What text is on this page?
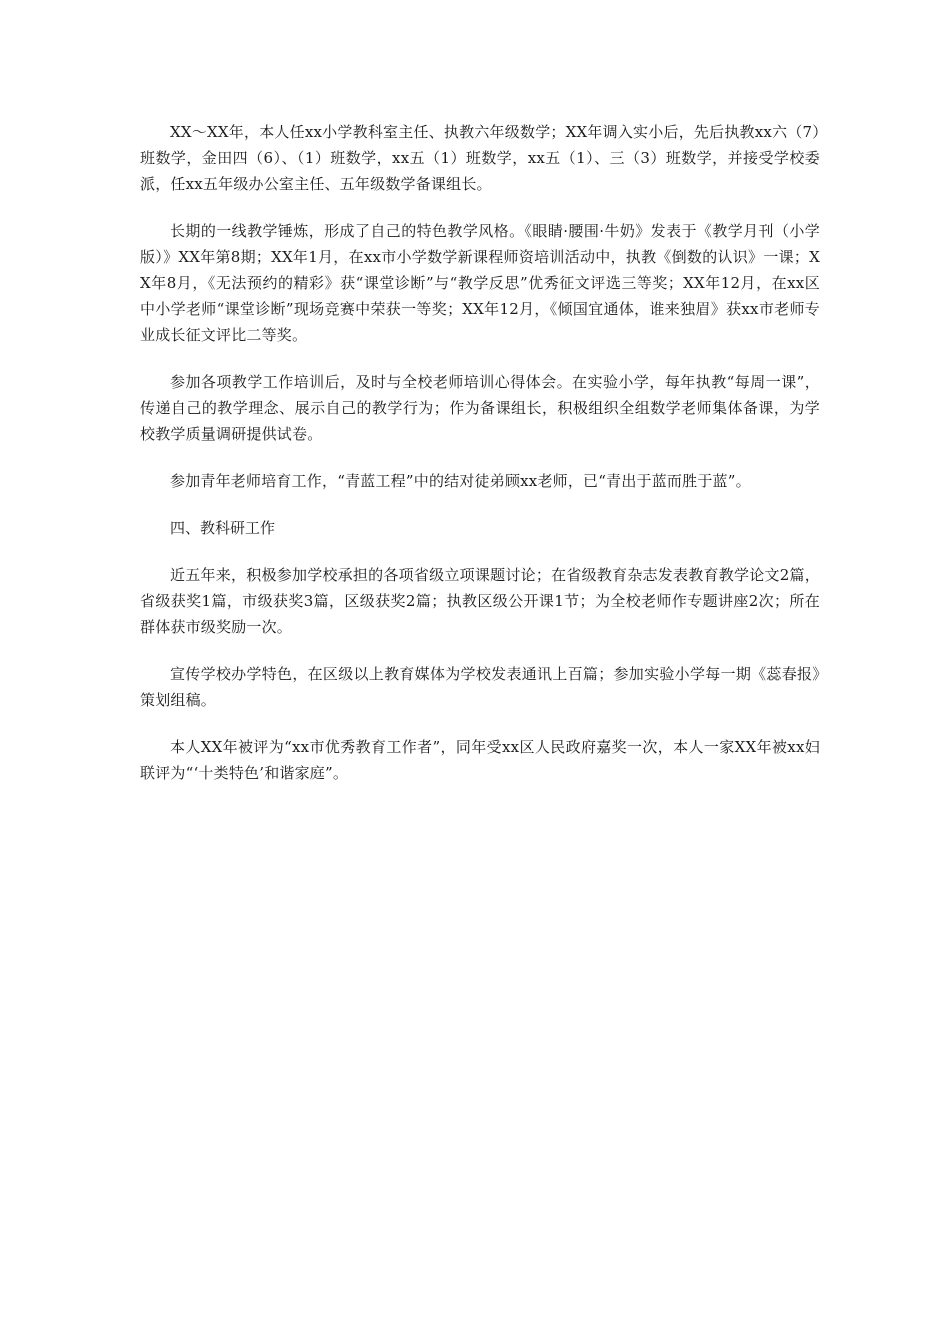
XX～XX年，本人任xx小学教科室主任、执教六年级数学；XX年调入实小后，先后执教xx六（7）班数学，金田四（6）、（1）班数学，xx五（1）班数学，xx五（1）、三（3）班数学，并接受学校委派，任xx五年级办公室主任、五年级数学备课组长。

长期的一线教学锤炼，形成了自己的特色教学风格。《眼睛·腰围·牛奶》发表于《教学月刊（小学版）》XX年第8期；XX年1月，在xx市小学数学新课程师资培训活动中，执教《倒数的认识》一课；XX年8月，《无法预约的精彩》获“课堂诊断”与“教学反思”优秀征文评选三等奖；XX年12月，在xx区中小学老师“课堂诊断”现场竞赛中荣获一等奖；XX年12月，《倾国宜通体，谁来独眉》获xx市老师专业成长征文评比二等奖。

参加各项教学工作培训后，及时与全校老师培训心得体会。在实验小学，每年执教“每周一课”，传递自己的教学理念、展示自己的教学行为；作为备课组长，积极组织全组数学老师集体备课，为学校教学质量调研提供试卷。

参加青年老师培育工作，“青蓝工程”中的结对徒弟顾xx老师，已“青出于蓝而胜于蓝”。

四、教科研工作

近五年来，积极参加学校承担的各项省级立项课题讨论；在省级教育杂志发表教育教学论文2篇，省级获奖1篇，市级获奖3篇，区级获奖2篇；执教区级公开课1节；为全校老师作专题讲座2次；所在群体获市级奖励一次。

宣传学校办学特色，在区级以上教育媒体为学校发表通讯上百篇；参加实验小学每一期《蕊春报》策划组稿。

本人XX年被评为“xx市优秀教育工作者”，同年受xx区人民政府嘉奖一次，本人一家XX年被xx妇联评为“‘十类特色’和谐家庭”。
